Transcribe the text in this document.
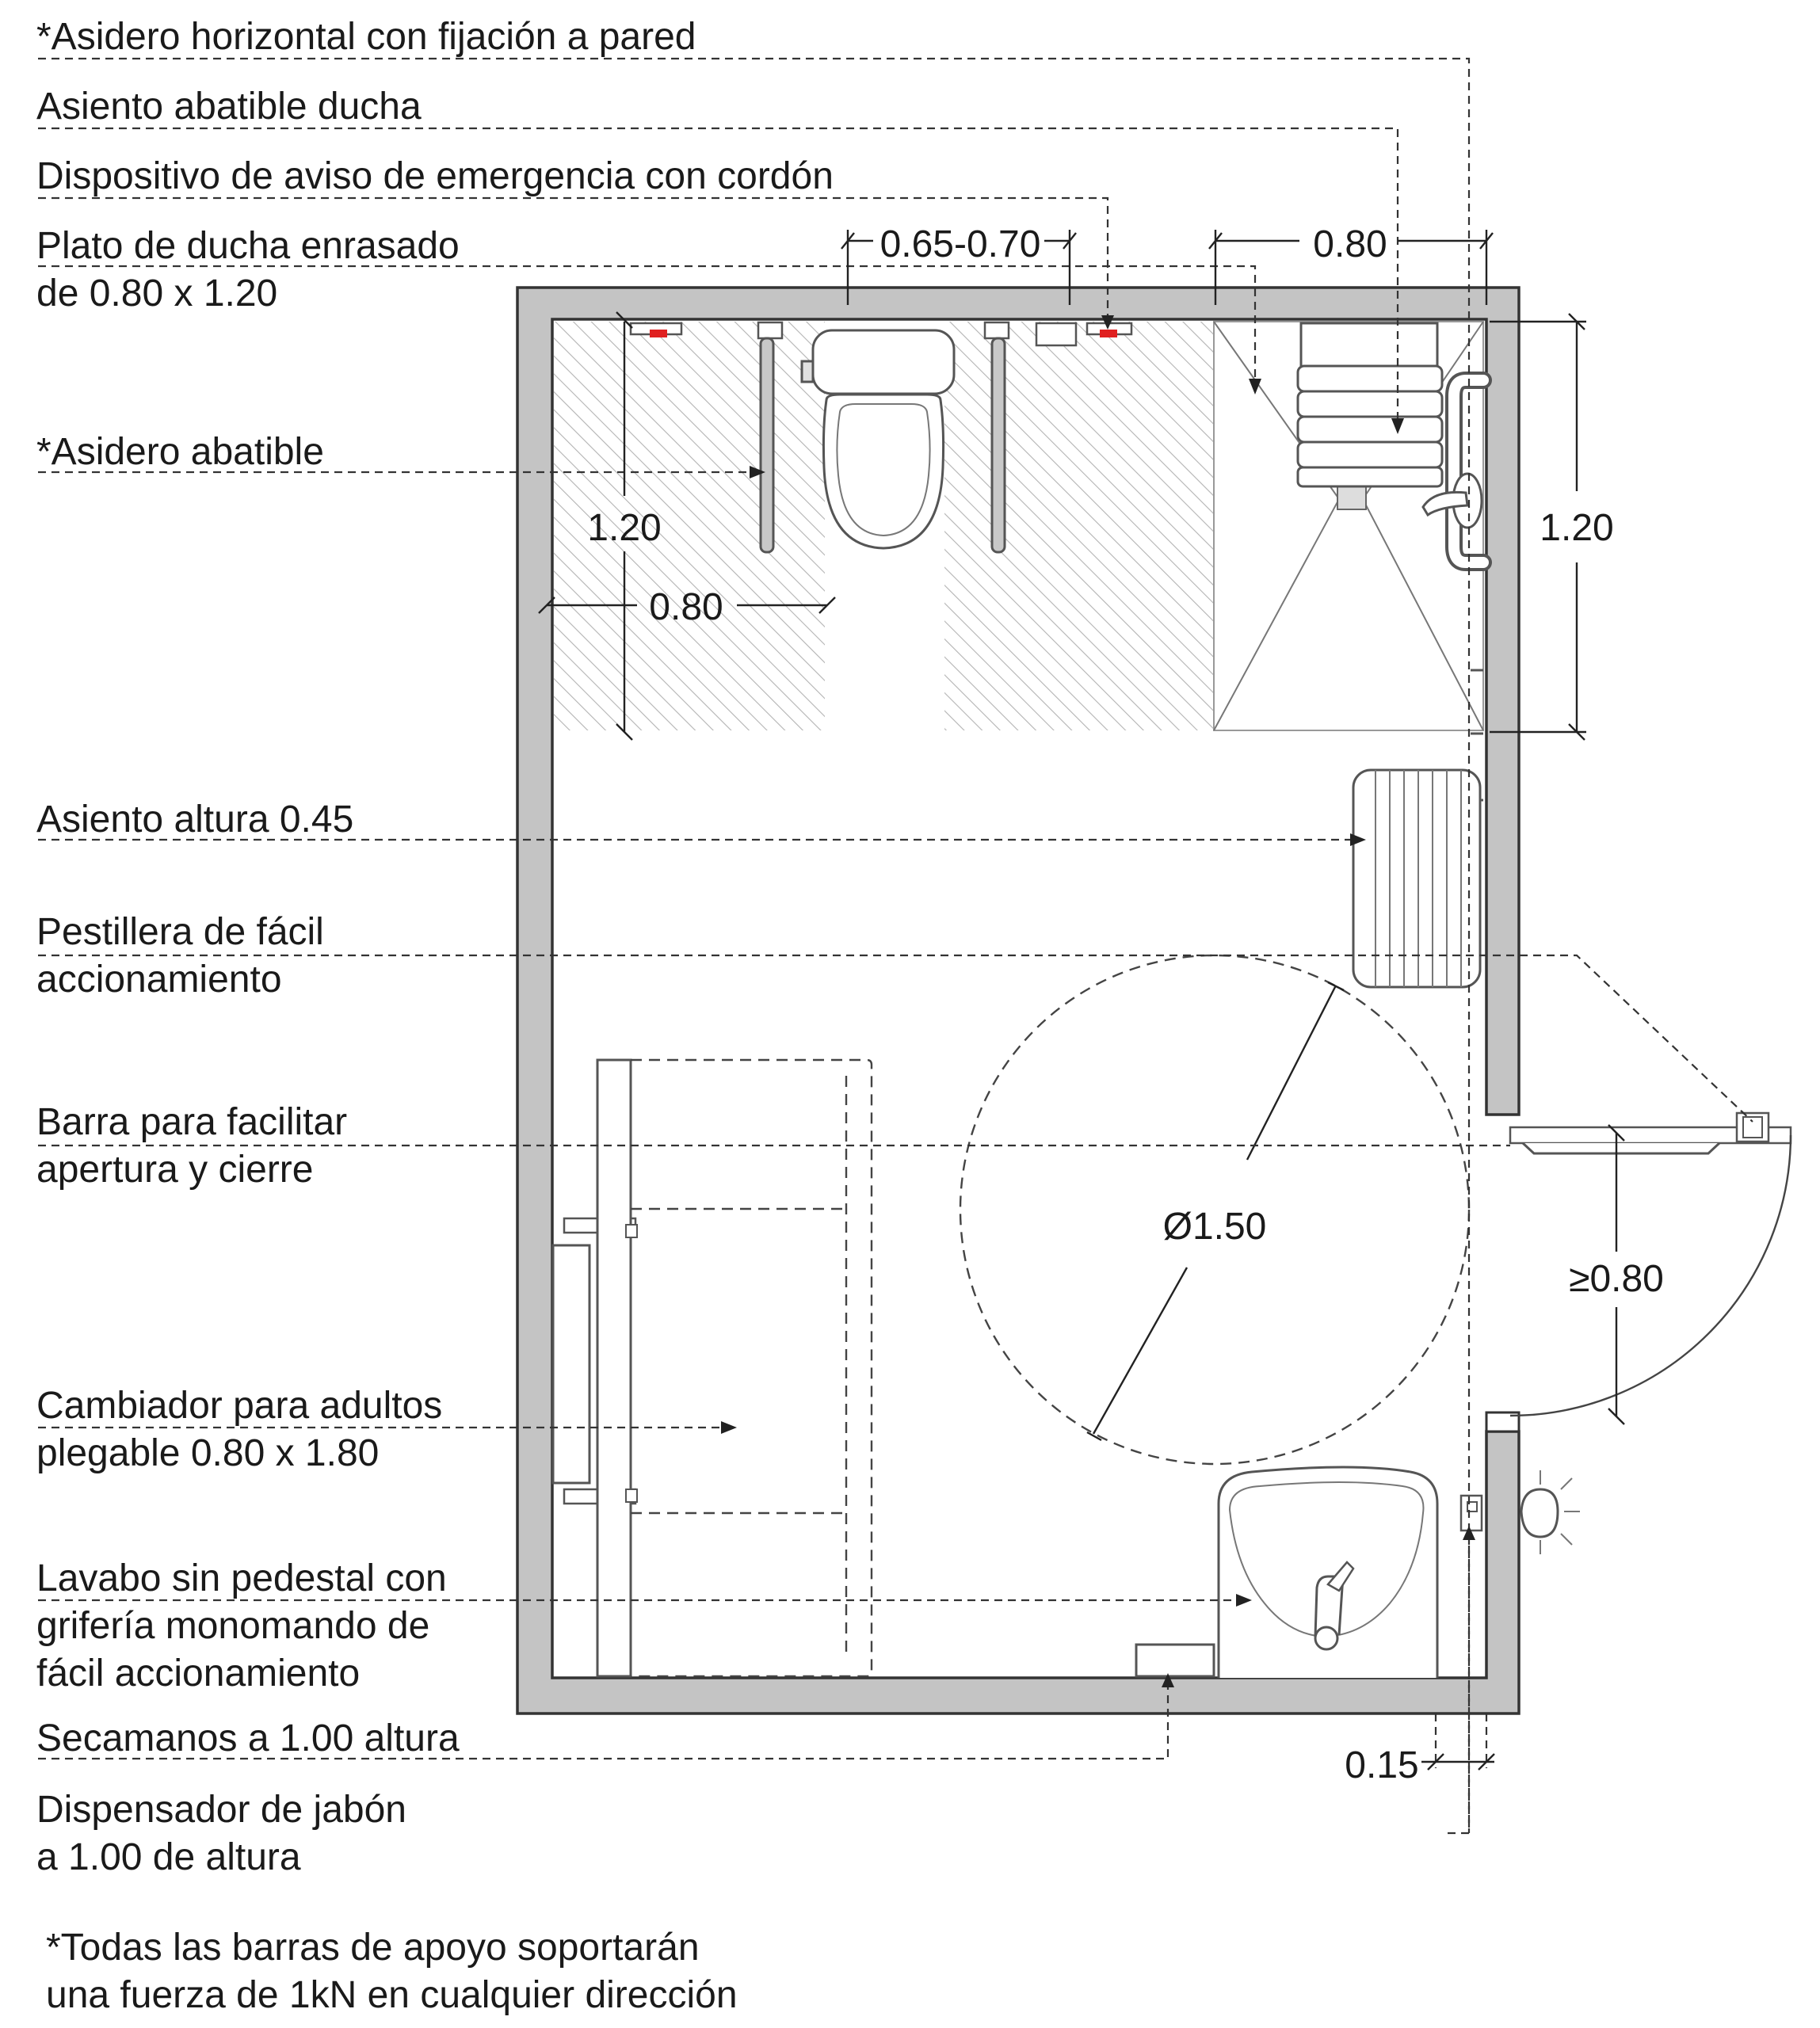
*Asidero horizontal con fijación a pared
Asiento abatible ducha
Dispositivo de aviso de emergencia con cordón
Plato de ducha enrasado
de 0.80 x 1.20
*Asidero abatible
Asiento altura 0.45
Pestillera de fácil
accionamiento
Barra para facilitar
apertura y cierre
Cambiador para adultos
plegable 0.80 x 1.80
Lavabo sin pedestal con
grifería monomando de
fácil accionamiento
Secamanos a 1.00 altura
Dispensador de jabón
a 1.00 de altura
*Todas las barras de apoyo soportarán
una fuerza de 1kN en cualquier dirección
0.65-0.70	0.80
1.20
0.80
1.20
Ø1.50
≥0.80
0.15
